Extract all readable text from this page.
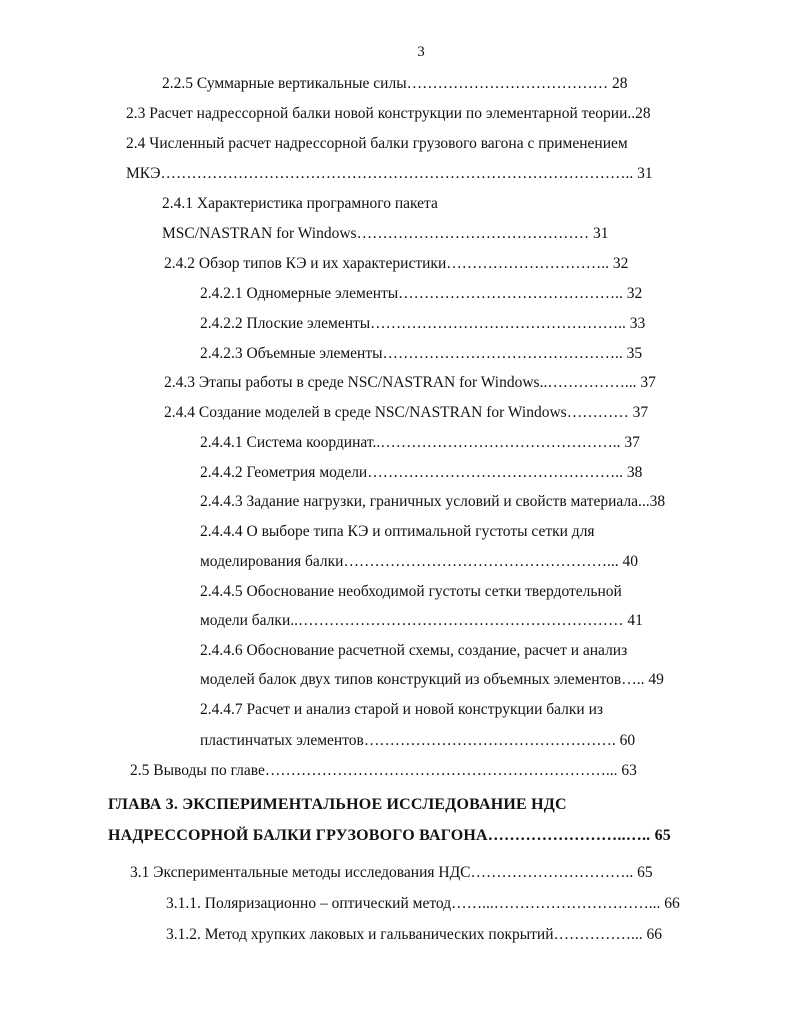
3
2.2.5 Суммарные вертикальные силы………………………………… 28
2.3 Расчет надрессорной балки новой конструкции по элементарной теории..28
2.4 Численный расчет надрессорной балки грузового вагона с применением
МКЭ……………………………………………………………………………….. 31
2.4.1 Характеристика програмного пакета
MSC/NASTRAN for Windows……………………………………… 31
2.4.2 Обзор типов КЭ и их характеристики………………………….. 32
2.4.2.1 Одномерные элементы…………………………………….. 32
2.4.2.2 Плоские элементы………………………………………….. 33
2.4.2.3 Объемные элементы……………………………………….. 35
2.4.3 Этапы работы в среде NSC/NASTRAN for Windows..……………... 37
2.4.4 Создание моделей в среде NSC/NASTRAN for Windows………… 37
2.4.4.1 Система координат..……………………………………….. 37
2.4.4.2 Геометрия модели………………………………………….. 38
2.4.4.3 Задание нагрузки, граничных условий и свойств материала...38
2.4.4.4 О выборе типа КЭ и оптимальной густоты сетки для
моделирования балки……………………………………………... 40
2.4.4.5 Обоснование необходимой густоты сетки твердотельной
модели балки..……………………………………………………… 41
2.4.4.6 Обоснование расчетной схемы, создание, расчет и анализ
моделей балок двух типов конструкций из объемных элементов….. 49
2.4.4.7 Расчет и анализ старой и новой конструкции балки из
пластинчатых элементов…………………………………………. 60
2.5 Выводы по главе…………………………………………………………... 63
ГЛАВА 3. ЭКСПЕРИМЕНТАЛЬНОЕ ИССЛЕДОВАНИЕ НДС
НАДРЕССОРНОЙ БАЛКИ ГРУЗОВОГО ВАГОНА……………………..….. 65
3.1 Экспериментальные методы исследования НДС………………………….. 65
3.1.1. Поляризационно – оптический метод……...…………………………... 66
3.1.2. Метод хрупких лаковых и гальванических покрытий……………... 66
